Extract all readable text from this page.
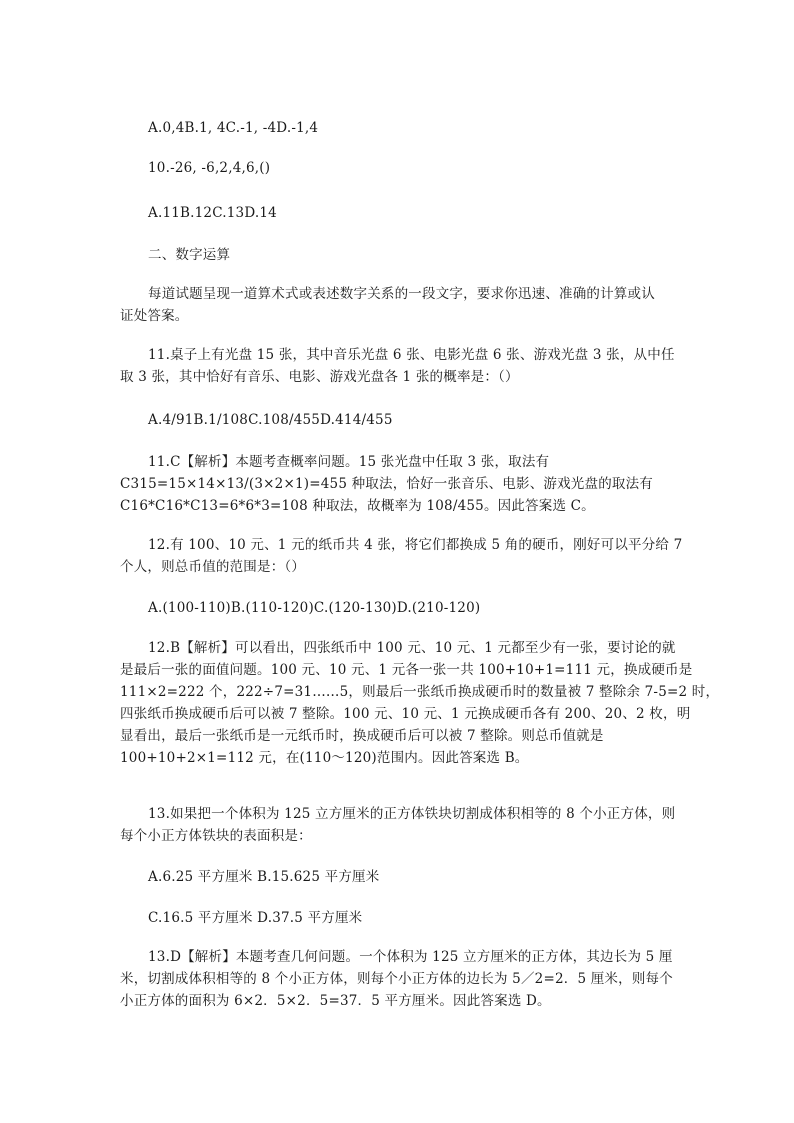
A.0,4B.1, 4C.-1, -4D.-1,4

10.-26, -6,2,4,6,()

A.11B.12C.13D.14

二、数字运算

每道试题呈现一道算术式或表述数字关系的一段文字，要求你迅速、准确的计算或认
证处答案。

11.桌子上有光盘 15 张，其中音乐光盘 6 张、电影光盘 6 张、游戏光盘 3 张，从中任
取 3 张，其中恰好有音乐、电影、游戏光盘各 1 张的概率是：（）

A.4/91B.1/108C.108/455D.414/455

11.C【解析】本题考查概率问题。15 张光盘中任取 3 张，取法有
C315=15×14×13/(3×2×1)=455 种取法，恰好一张音乐、电影、游戏光盘的取法有
C16*C16*C13=6*6*3=108 种取法，故概率为 108/455。因此答案选 C。

12.有 100、10 元、1 元的纸币共 4 张，将它们都换成 5 角的硬币，刚好可以平分给 7
个人，则总币值的范围是：（）

A.(100-110)B.(110-120)C.(120-130)D.(210-120)

12.B【解析】可以看出，四张纸币中 100 元、10 元、1 元都至少有一张，要讨论的就
是最后一张的面值问题。100 元、10 元、1 元各一张一共 100+10+1=111 元，换成硬币是
111×2=222 个，222÷7=31……5，则最后一张纸币换成硬币时的数量被 7 整除余 7-5=2 时，
四张纸币换成硬币后可以被 7 整除。100 元、10 元、1 元换成硬币各有 200、20、2 枚，明
显看出，最后一张纸币是一元纸币时，换成硬币后可以被 7 整除。则总币值就是
100+10+2×1=112 元，在(110～120)范围内。因此答案选 B。

13.如果把一个体积为 125 立方厘米的正方体铁块切割成体积相等的 8 个小正方体，则
每个小正方体铁块的表面积是：

A.6.25 平方厘米 B.15.625 平方厘米

C.16.5 平方厘米 D.37.5 平方厘米

13.D【解析】本题考查几何问题。一个体积为 125 立方厘米的正方体，其边长为 5 厘
米，切割成体积相等的 8 个小正方体，则每个小正方体的边长为 5／2=2．5 厘米，则每个
小正方体的面积为 6×2．5×2．5=37．5 平方厘米。因此答案选 D。
